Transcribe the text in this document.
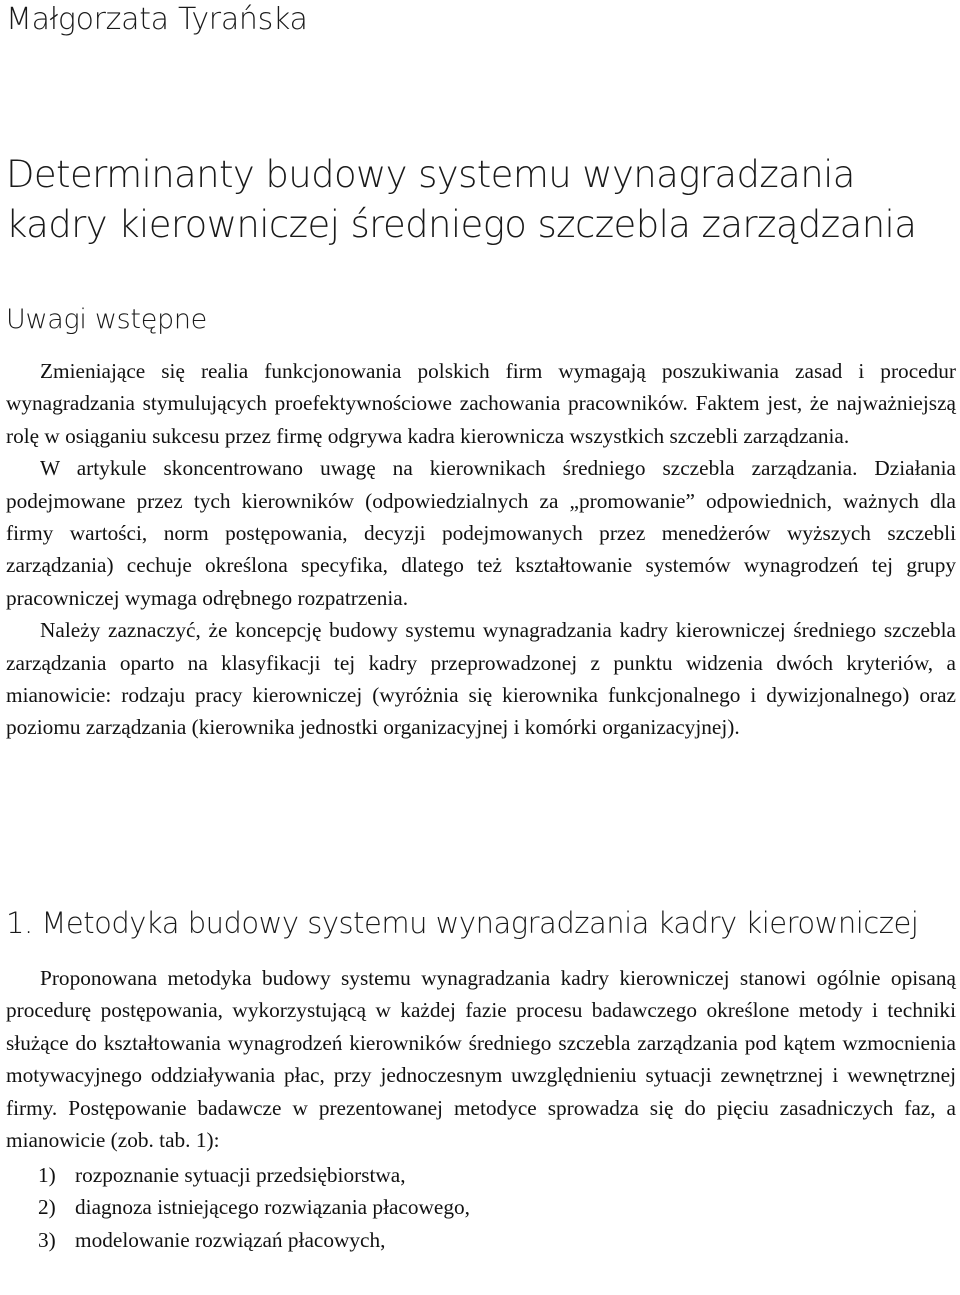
Małgorzata Tyrańska
Determinanty budowy systemu wynagradzania
kadry kierowniczej średniego szczebla zarządzania
Uwagi wstępne

Zmieniające się realia funkcjonowania polskich firm wymagają poszukiwania zasad i procedur wynagradzania stymulujących proefektywnościowe zachowania pracowników. Faktem jest, że najważniejszą rolę w osiąganiu sukcesu przez firmę odgrywa kadra kierownicza wszystkich szczebli zarządzania.

W artykule skoncentrowano uwagę na kierownikach średniego szczebla zarządzania. Działania podejmowane przez tych kierowników (odpowiedzialnych za „promowanie” odpowiednich, ważnych dla firmy wartości, norm postępowania, decyzji podejmowanych przez menedżerów wyższych szczebli zarządzania) cechuje określona specyfika, dlatego też kształtowanie systemów wynagrodzeń tej grupy pracowniczej wymaga odrębnego rozpatrzenia.

Należy zaznaczyć, że koncepcję budowy systemu wynagradzania kadry kierowniczej średniego szczebla zarządzania oparto na klasyfikacji tej kadry przeprowadzonej z punktu widzenia dwóch kryteriów, a mianowicie: rodzaju pracy kierowniczej (wyróżnia się kierownika funkcjonalnego i dywizjonalnego) oraz poziomu zarządzania (kierownika jednostki organizacyjnej i komórki organizacyjnej).

1. Metodyka budowy systemu wynagradzania kadry kierowniczej

Proponowana metodyka budowy systemu wynagradzania kadry kierowniczej stanowi ogólnie opisaną procedurę postępowania, wykorzystującą w każdej fazie procesu badawczego określone metody i techniki służące do kształtowania wynagrodzeń kierowników średniego szczebla zarządzania pod kątem wzmocnienia motywacyjnego oddziaływania płac, przy jednoczesnym uwzględnieniu sytuacji zewnętrznej i wewnętrznej firmy. Postępowanie badawcze w prezentowanej metodyce sprowadza się do pięciu zasadniczych faz, a mianowicie (zob. tab. 1):

1) rozpoznanie sytuacji przedsiębiorstwa,
2) diagnoza istniejącego rozwiązania płacowego,
3) modelowanie rozwiązań płacowych,
